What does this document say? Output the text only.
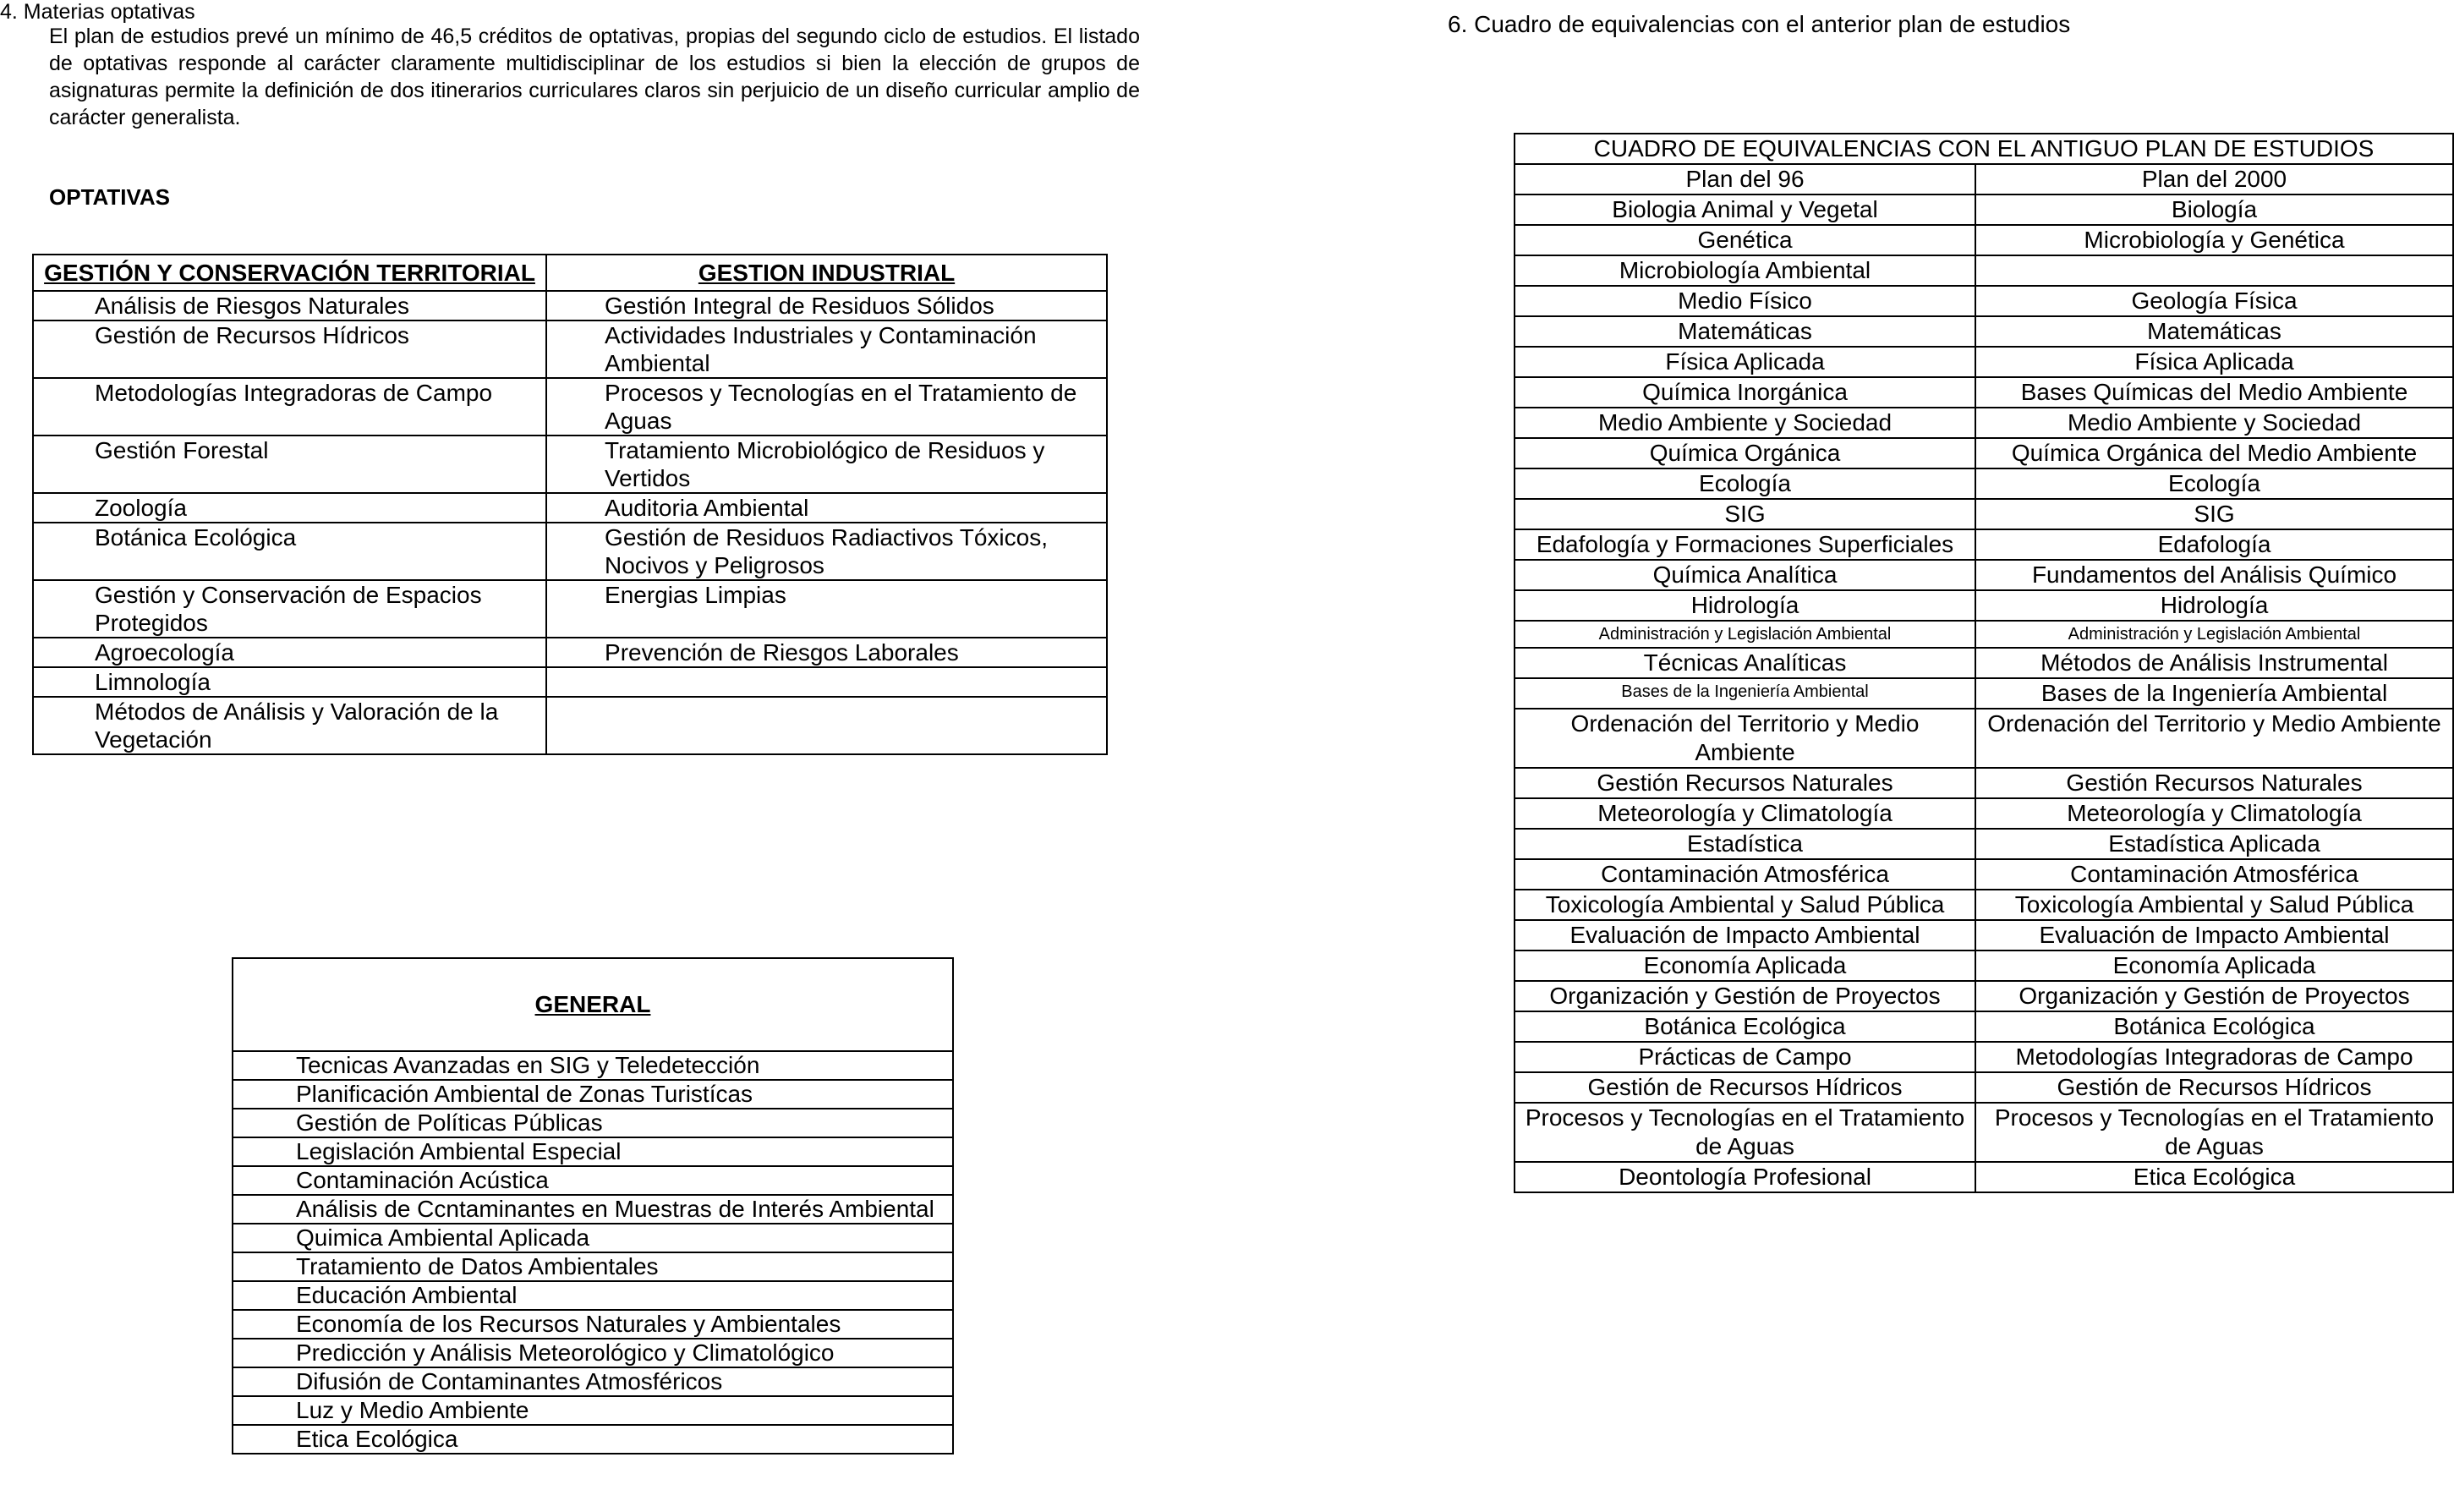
4. Materias optativas
El plan de estudios prevé un mínimo de 46,5 créditos de optativas, propias del segundo ciclo de estudios. El listado de optativas responde al carácter claramente multidisciplinar de los estudios si bien la elección de grupos de asignaturas permite la definición de dos itinerarios curriculares claros sin perjuicio de un diseño curricular amplio de carácter generalista.
OPTATIVAS
GESTIÓN Y CONSERVACIÓN TERRITORIAL	GESTION INDUSTRIAL
Análisis de Riesgos Naturales	Gestión Integral de Residuos Sólidos
Gestión de Recursos Hídricos	Actividades Industriales y Contaminación Ambiental
Metodologías Integradoras de Campo	Procesos y Tecnologías en el Tratamiento de Aguas
Gestión Forestal	Tratamiento Microbiológico de Residuos y Vertidos
Zoología	Auditoria Ambiental
Botánica Ecológica	Gestión de Residuos Radiactivos Tóxicos, Nocivos y Peligrosos
Gestión y Conservación de Espacios Protegidos	Energias Limpias
Agroecología	Prevención de Riesgos Laborales
Limnología	
Métodos de Análisis y Valoración de la Vegetación	
GENERAL
Tecnicas Avanzadas en SIG y Teledetección
Planificación Ambiental de Zonas Turistícas
Gestión de Políticas Públicas
Legislación Ambiental Especial
Contaminación Acústica
Análisis de Ccntaminantes en Muestras de Interés Ambiental
Quimica Ambiental Aplicada
Tratamiento de Datos Ambientales
Educación Ambiental
Economía de los Recursos Naturales y Ambientales
Predicción y Análisis Meteorológico y Climatológico
Difusión de Contaminantes Atmosféricos
Luz y Medio Ambiente
Etica Ecológica
6. Cuadro de equivalencias con el anterior plan de estudios
CUADRO DE EQUIVALENCIAS CON EL ANTIGUO PLAN DE ESTUDIOS	
Plan del 96	Plan del 2000
Biologia Animal y Vegetal	Biología
Genética	Microbiología y Genética
Microbiología Ambiental	
Medio Físico	Geología Física
Matemáticas	Matemáticas
Física Aplicada	Física Aplicada
Química Inorgánica	Bases Químicas del Medio Ambiente
Medio Ambiente y Sociedad	Medio Ambiente y Sociedad
Química Orgánica	Química Orgánica del Medio Ambiente
Ecología	Ecología
SIG	SIG
Edafología y Formaciones Superficiales	Edafología
Química Analítica	Fundamentos del Análisis Químico
Hidrología	Hidrología
Administración y Legislación Ambiental	Administración y Legislación Ambiental
Técnicas Analíticas	Métodos de Análisis Instrumental
Bases de la Ingeniería Ambiental	Bases de la Ingeniería Ambiental
Ordenación del Territorio y Medio Ambiente	Ordenación del Territorio y Medio Ambiente
Gestión Recursos Naturales	Gestión Recursos Naturales
Meteorología y Climatología	Meteorología y Climatología
Estadística	Estadística Aplicada
Contaminación Atmosférica	Contaminación Atmosférica
Toxicología Ambiental y Salud Pública	Toxicología Ambiental y Salud Pública
Evaluación de Impacto Ambiental	Evaluación de Impacto Ambiental
Economía Aplicada	Economía Aplicada
Organización y Gestión de Proyectos	Organización y Gestión de Proyectos
Botánica Ecológica	Botánica Ecológica
Prácticas de Campo	Metodologías Integradoras de Campo
Gestión de Recursos Hídricos	Gestión de Recursos Hídricos
Procesos y Tecnologías en el Tratamiento de Aguas	Procesos y Tecnologías en el Tratamiento de Aguas
Deontología Profesional	Etica Ecológica
